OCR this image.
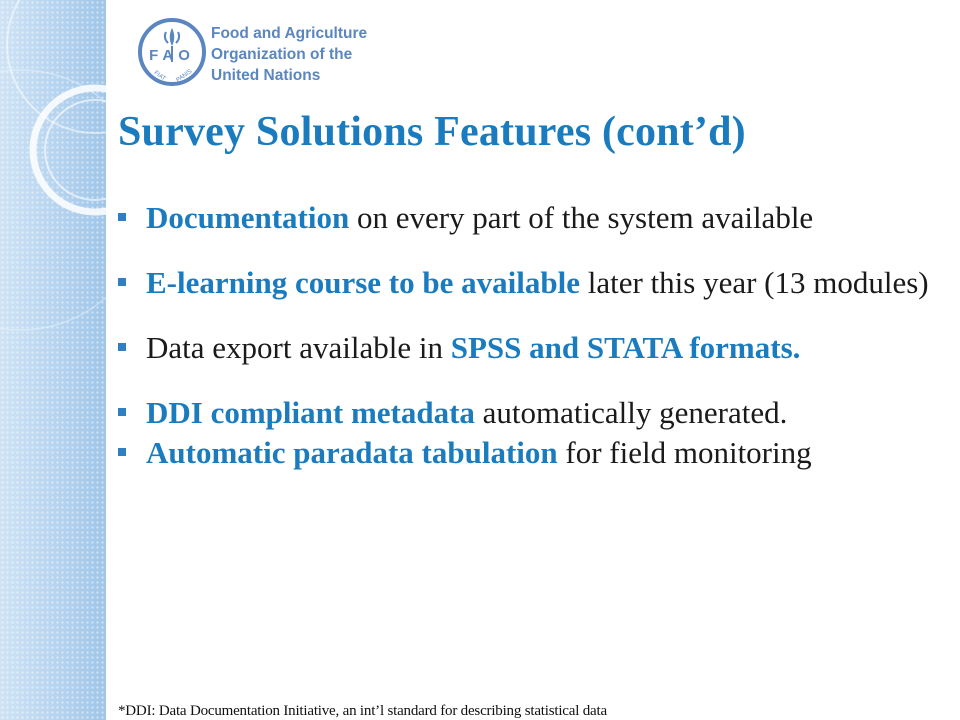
FAO
FIAT PANIS
Food and Agriculture
Organization of the
United Nations
Survey Solutions Features (cont’d)
Documentation on every part of the system available
E-learning course to be available later this year (13 modules)
Data export available in SPSS and STATA formats.
DDI compliant metadata automatically generated.
Automatic paradata tabulation for field monitoring
*DDI: Data Documentation Initiative, an int’l standard for describing statistical data
